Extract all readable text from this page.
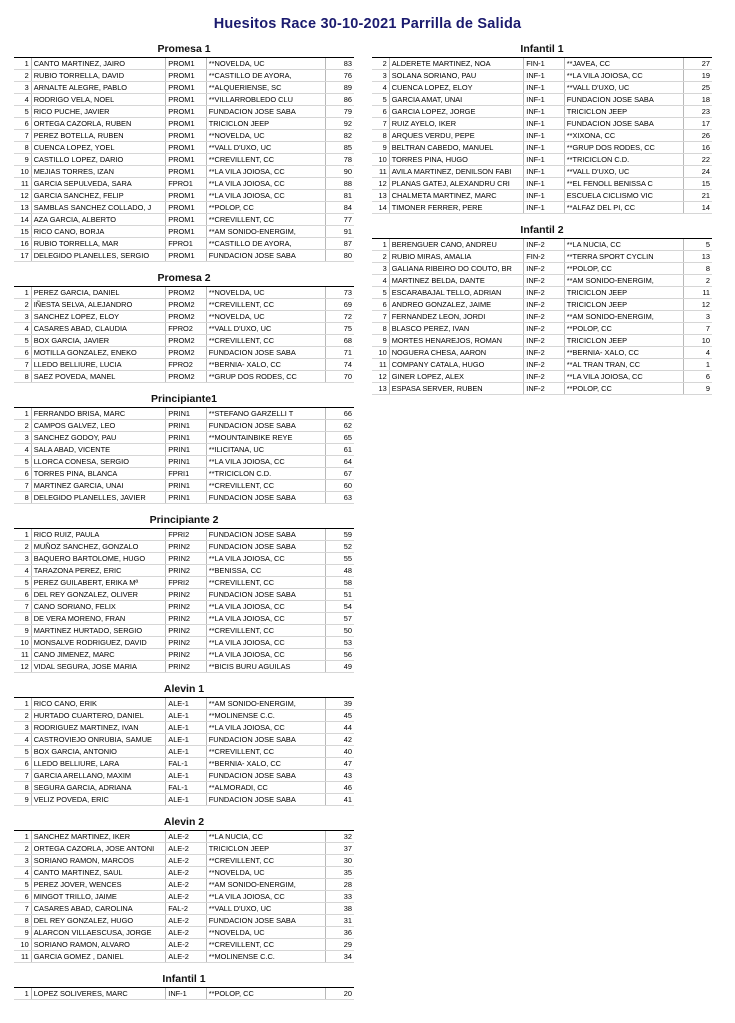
Huesitos Race 30-10-2021 Parrilla de Salida
Promesa 1
1	CANTO MARTINEZ, JAIRO	PROM1	**NOVELDA, UC	83
2	RUBIO TORRELLA, DAVID	PROM1	**CASTILLO DE AYORA,	76
3	ARNALTE ALEGRE, PABLO	PROM1	**ALQUERIENSE, SC	89
4	RODRIGO VELA, NOEL	PROM1	**VILLARROBLEDO CLU	86
5	RICO PUCHE, JAVIER	PROM1	FUNDACION JOSE SABA	79
6	ORTEGA CAZORLA, RUBEN	PROM1	TRICICLON JEEP	92
7	PEREZ BOTELLA, RUBEN	PROM1	**NOVELDA, UC	82
8	CUENCA LOPEZ, YOEL	PROM1	**VALL D'UXO, UC	85
9	CASTILLO LOPEZ, DARIO	PROM1	**CREVILLENT, CC	78
10	MEJIAS TORRES, IZAN	PROM1	**LA VILA JOIOSA, CC	90
11	GARCIA SEPULVEDA, SARA	FPRO1	**LA VILA JOIOSA, CC	88
12	GARCIA SANCHEZ, FELIP	PROM1	**LA VILA JOIOSA, CC	81
13	SAMBLAS SANCHEZ COLLADO, J	PROM1	**POLOP, CC	84
14	AZA GARCIA, ALBERTO	PROM1	**CREVILLENT, CC	77
15	RICO CANO, BORJA	PROM1	**AM SONIDO-ENERGIM,	91
16	RUBIO TORRELLA, MAR	FPRO1	**CASTILLO DE AYORA,	87
17	DELEGIDO PLANELLES, SERGIO	PROM1	FUNDACION JOSE SABA	80
Promesa 2
1	PEREZ GARCIA, DANIEL	PROM2	**NOVELDA, UC	73
2	IÑESTA SELVA, ALEJANDRO	PROM2	**CREVILLENT, CC	69
3	SANCHEZ LOPEZ, ELOY	PROM2	**NOVELDA, UC	72
4	CASARES ABAD, CLAUDIA	FPRO2	**VALL D'UXO, UC	75
5	BOX GARCIA, JAVIER	PROM2	**CREVILLENT, CC	68
6	MOTILLA GONZALEZ, ENEKO	PROM2	FUNDACION JOSE SABA	71
7	LLEDO BELLIURE, LUCIA	FPRO2	**BERNIA- XALO, CC	74
8	SAEZ POVEDA, MANEL	PROM2	**GRUP DOS RODES, CC	70
Principiante1
1	FERRANDO BRISA, MARC	PRIN1	**STEFANO GARZELLI T	66
2	CAMPOS GALVEZ, LEO	PRIN1	FUNDACION JOSE SABA	62
3	SANCHEZ GODOY, PAU	PRIN1	**MOUNTAINBIKE REYE	65
4	SALA ABAD, VICENTE	PRIN1	**ILICITANA, UC	61
5	LLORCA CONESA, SERGIO	PRIN1	**LA VILA JOIOSA, CC	64
6	TORRES PINA, BLANCA	FPRI1	**TRICICLON C.D.	67
7	MARTINEZ GARCIA, UNAI	PRIN1	**CREVILLENT, CC	60
8	DELEGIDO PLANELLES, JAVIER	PRIN1	FUNDACION JOSE SABA	63
Principiante 2
1	RICO RUIZ, PAULA	FPRI2	FUNDACION JOSE SABA	59
2	MUÑOZ SANCHEZ, GONZALO	PRIN2	FUNDACION JOSE SABA	52
3	BAQUERO BARTOLOME, HUGO	PRIN2	**LA VILA JOIOSA, CC	55
4	TARAZONA PEREZ, ERIC	PRIN2	**BENISSA, CC	48
5	PEREZ GUILABERT, ERIKA Mª	FPRI2	**CREVILLENT, CC	58
6	DEL REY GONZALEZ, OLIVER	PRIN2	FUNDACION JOSE SABA	51
7	CANO SORIANO, FELIX	PRIN2	**LA VILA JOIOSA, CC	54
8	DE VERA MORENO, FRAN	PRIN2	**LA VILA JOIOSA, CC	57
9	MARTINEZ HURTADO, SERGIO	PRIN2	**CREVILLENT, CC	50
10	MONSALVE RODRIGUEZ, DAVID	PRIN2	**LA VILA JOIOSA, CC	53
11	CANO JIMENEZ, MARC	PRIN2	**LA VILA JOIOSA, CC	56
12	VIDAL SEGURA, JOSE MARIA	PRIN2	**BICIS BURU AGUILAS	49
Alevin 1
1	RICO CANO, ERIK	ALE-1	**AM SONIDO-ENERGIM,	39
2	HURTADO CUARTERO, DANIEL	ALE-1	**MOLINENSE C.C.	45
3	RODRIGUEZ MARTINEZ, IVAN	ALE-1	**LA VILA JOIOSA, CC	44
4	CASTROVIEJO ONRUBIA, SAMUE	ALE-1	FUNDACION JOSE SABA	42
5	BOX GARCIA, ANTONIO	ALE-1	**CREVILLENT, CC	40
6	LLEDO BELLIURE, LARA	FAL-1	**BERNIA- XALO, CC	47
7	GARCIA ARELLANO, MAXIM	ALE-1	FUNDACION JOSE SABA	43
8	SEGURA GARCIA, ADRIANA	FAL-1	**ALMORADI, CC	46
9	VELIZ POVEDA, ERIC	ALE-1	FUNDACION JOSE SABA	41
Alevin 2
1	SANCHEZ MARTINEZ, IKER	ALE-2	**LA NUCIA, CC	32
2	ORTEGA CAZORLA, JOSE ANTONI	ALE-2	TRICICLON JEEP	37
3	SORIANO RAMON, MARCOS	ALE-2	**CREVILLENT, CC	30
4	CANTO MARTINEZ, SAUL	ALE-2	**NOVELDA, UC	35
5	PEREZ JOVER, WENCES	ALE-2	**AM SONIDO-ENERGIM,	28
6	MINGOT TRILLO, JAIME	ALE-2	**LA VILA JOIOSA, CC	33
7	CASARES ABAD, CAROLINA	FAL-2	**VALL D'UXO, UC	38
8	DEL REY GONZALEZ, HUGO	ALE-2	FUNDACION JOSE SABA	31
9	ALARCON VILLAESCUSA, JORGE	ALE-2	**NOVELDA, UC	36
10	SORIANO RAMON, ALVARO	ALE-2	**CREVILLENT, CC	29
11	GARCIA GOMEZ , DANIEL	ALE-2	**MOLINENSE C.C.	34
Infantil 1
1	LOPEZ SOLIVERES, MARC	INF-1	**POLOP, CC	20
Infantil 1
2	ALDERETE MARTINEZ, NOA	FIN-1	**JAVEA, CC	27
3	SOLANA SORIANO, PAU	INF-1	**LA VILA JOIOSA, CC	19
4	CUENCA LOPEZ, ELOY	INF-1	**VALL D'UXO, UC	25
5	GARCIA AMAT, UNAI	INF-1	FUNDACION JOSE SABA	18
6	GARCIA LOPEZ, JORGE	INF-1	TRICICLON JEEP	23
7	RUIZ AYELO, IKER	INF-1	FUNDACION JOSE SABA	17
8	ARQUES VERDU, PEPE	INF-1	**XIXONA, CC	26
9	BELTRAN CABEDO, MANUEL	INF-1	**GRUP DOS RODES, CC	16
10	TORRES PINA, HUGO	INF-1	**TRICICLON C.D.	22
11	AVILA MARTINEZ, DENILSON FABI	INF-1	**VALL D'UXO, UC	24
12	PLANAS GATEJ, ALEXANDRU CRI	INF-1	**EL FENOLL BENISSA C	15
13	CHALMETA MARTINEZ, MARC	INF-1	ESCUELA CICLISMO VIC	21
14	TIMONER FERRER, PERE	INF-1	**ALFAZ DEL PI, CC	14
Infantil 2
1	BERENGUER CANO, ANDREU	INF-2	**LA NUCIA, CC	5
2	RUBIO MIRAS, AMALIA	FIN-2	**TERRA SPORT CYCLIN	13
3	GALIANA RIBEIRO DO COUTO, BR	INF-2	**POLOP, CC	8
4	MARTINEZ BELDA, DANTE	INF-2	**AM SONIDO-ENERGIM,	2
5	ESCARABAJAL TELLO, ADRIAN	INF-2	TRICICLON JEEP	11
6	ANDREO GONZALEZ, JAIME	INF-2	TRICICLON JEEP	12
7	FERNANDEZ LEON, JORDI	INF-2	**AM SONIDO-ENERGIM,	3
8	BLASCO PEREZ, IVAN	INF-2	**POLOP, CC	7
9	MORTES HENAREJOS, ROMAN	INF-2	TRICICLON JEEP	10
10	NOGUERA CHESA, AARON	INF-2	**BERNIA- XALO, CC	4
11	COMPANY CATALA, HUGO	INF-2	**AL TRAN TRAN, CC	1
12	GINER LOPEZ, ALEX	INF-2	**LA VILA JOIOSA, CC	6
13	ESPASA SERVER, RUBEN	INF-2	**POLOP, CC	9
